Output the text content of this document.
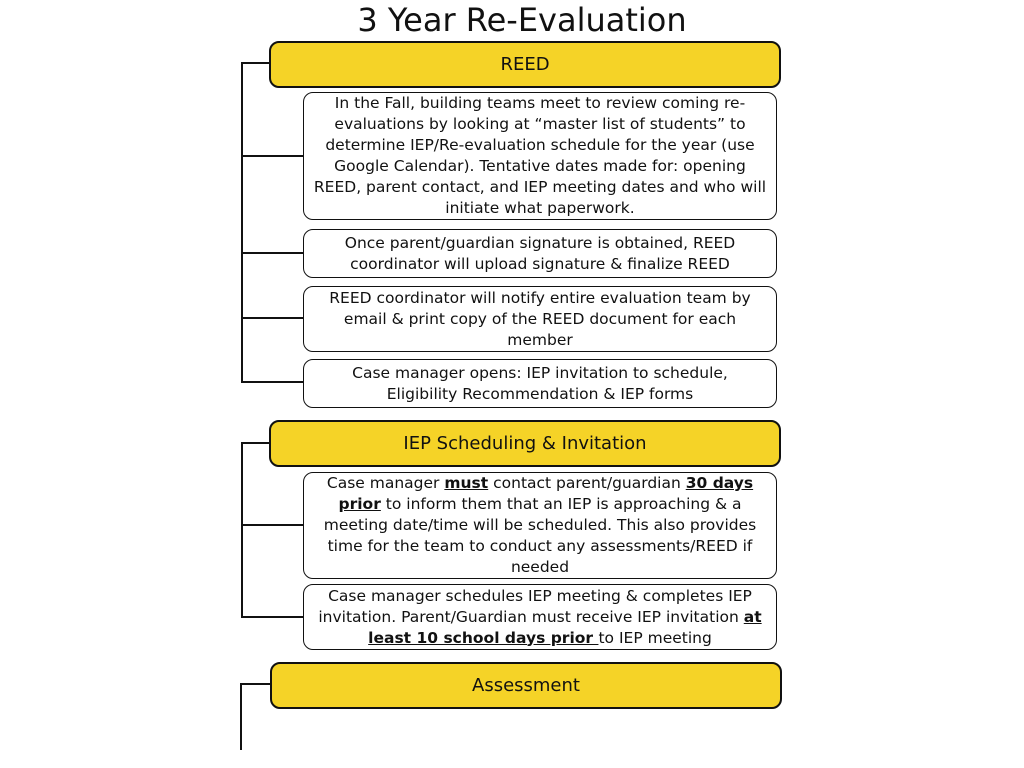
3 Year Re-Evaluation
REED
In the Fall, building teams meet to review coming re-evaluations by looking at “master list of students” to determine IEP/Re-evaluation schedule for the year (use Google Calendar). Tentative dates made for: opening REED, parent contact, and IEP meeting dates and who will initiate what paperwork.
Once parent/guardian signature is obtained, REED coordinator will upload signature & finalize REED
REED coordinator will notify entire evaluation team by email & print copy of the REED document for each member
Case manager opens: IEP invitation to schedule, Eligibility Recommendation & IEP forms
IEP Scheduling & Invitation
Case manager must contact parent/guardian 30 days prior to inform them that an IEP is approaching & a meeting date/time will be scheduled. This also provides time for the team to conduct any assessments/REED if needed
Case manager schedules IEP meeting & completes IEP invitation. Parent/Guardian must receive IEP invitation at least 10 school days prior to IEP meeting
Assessment
